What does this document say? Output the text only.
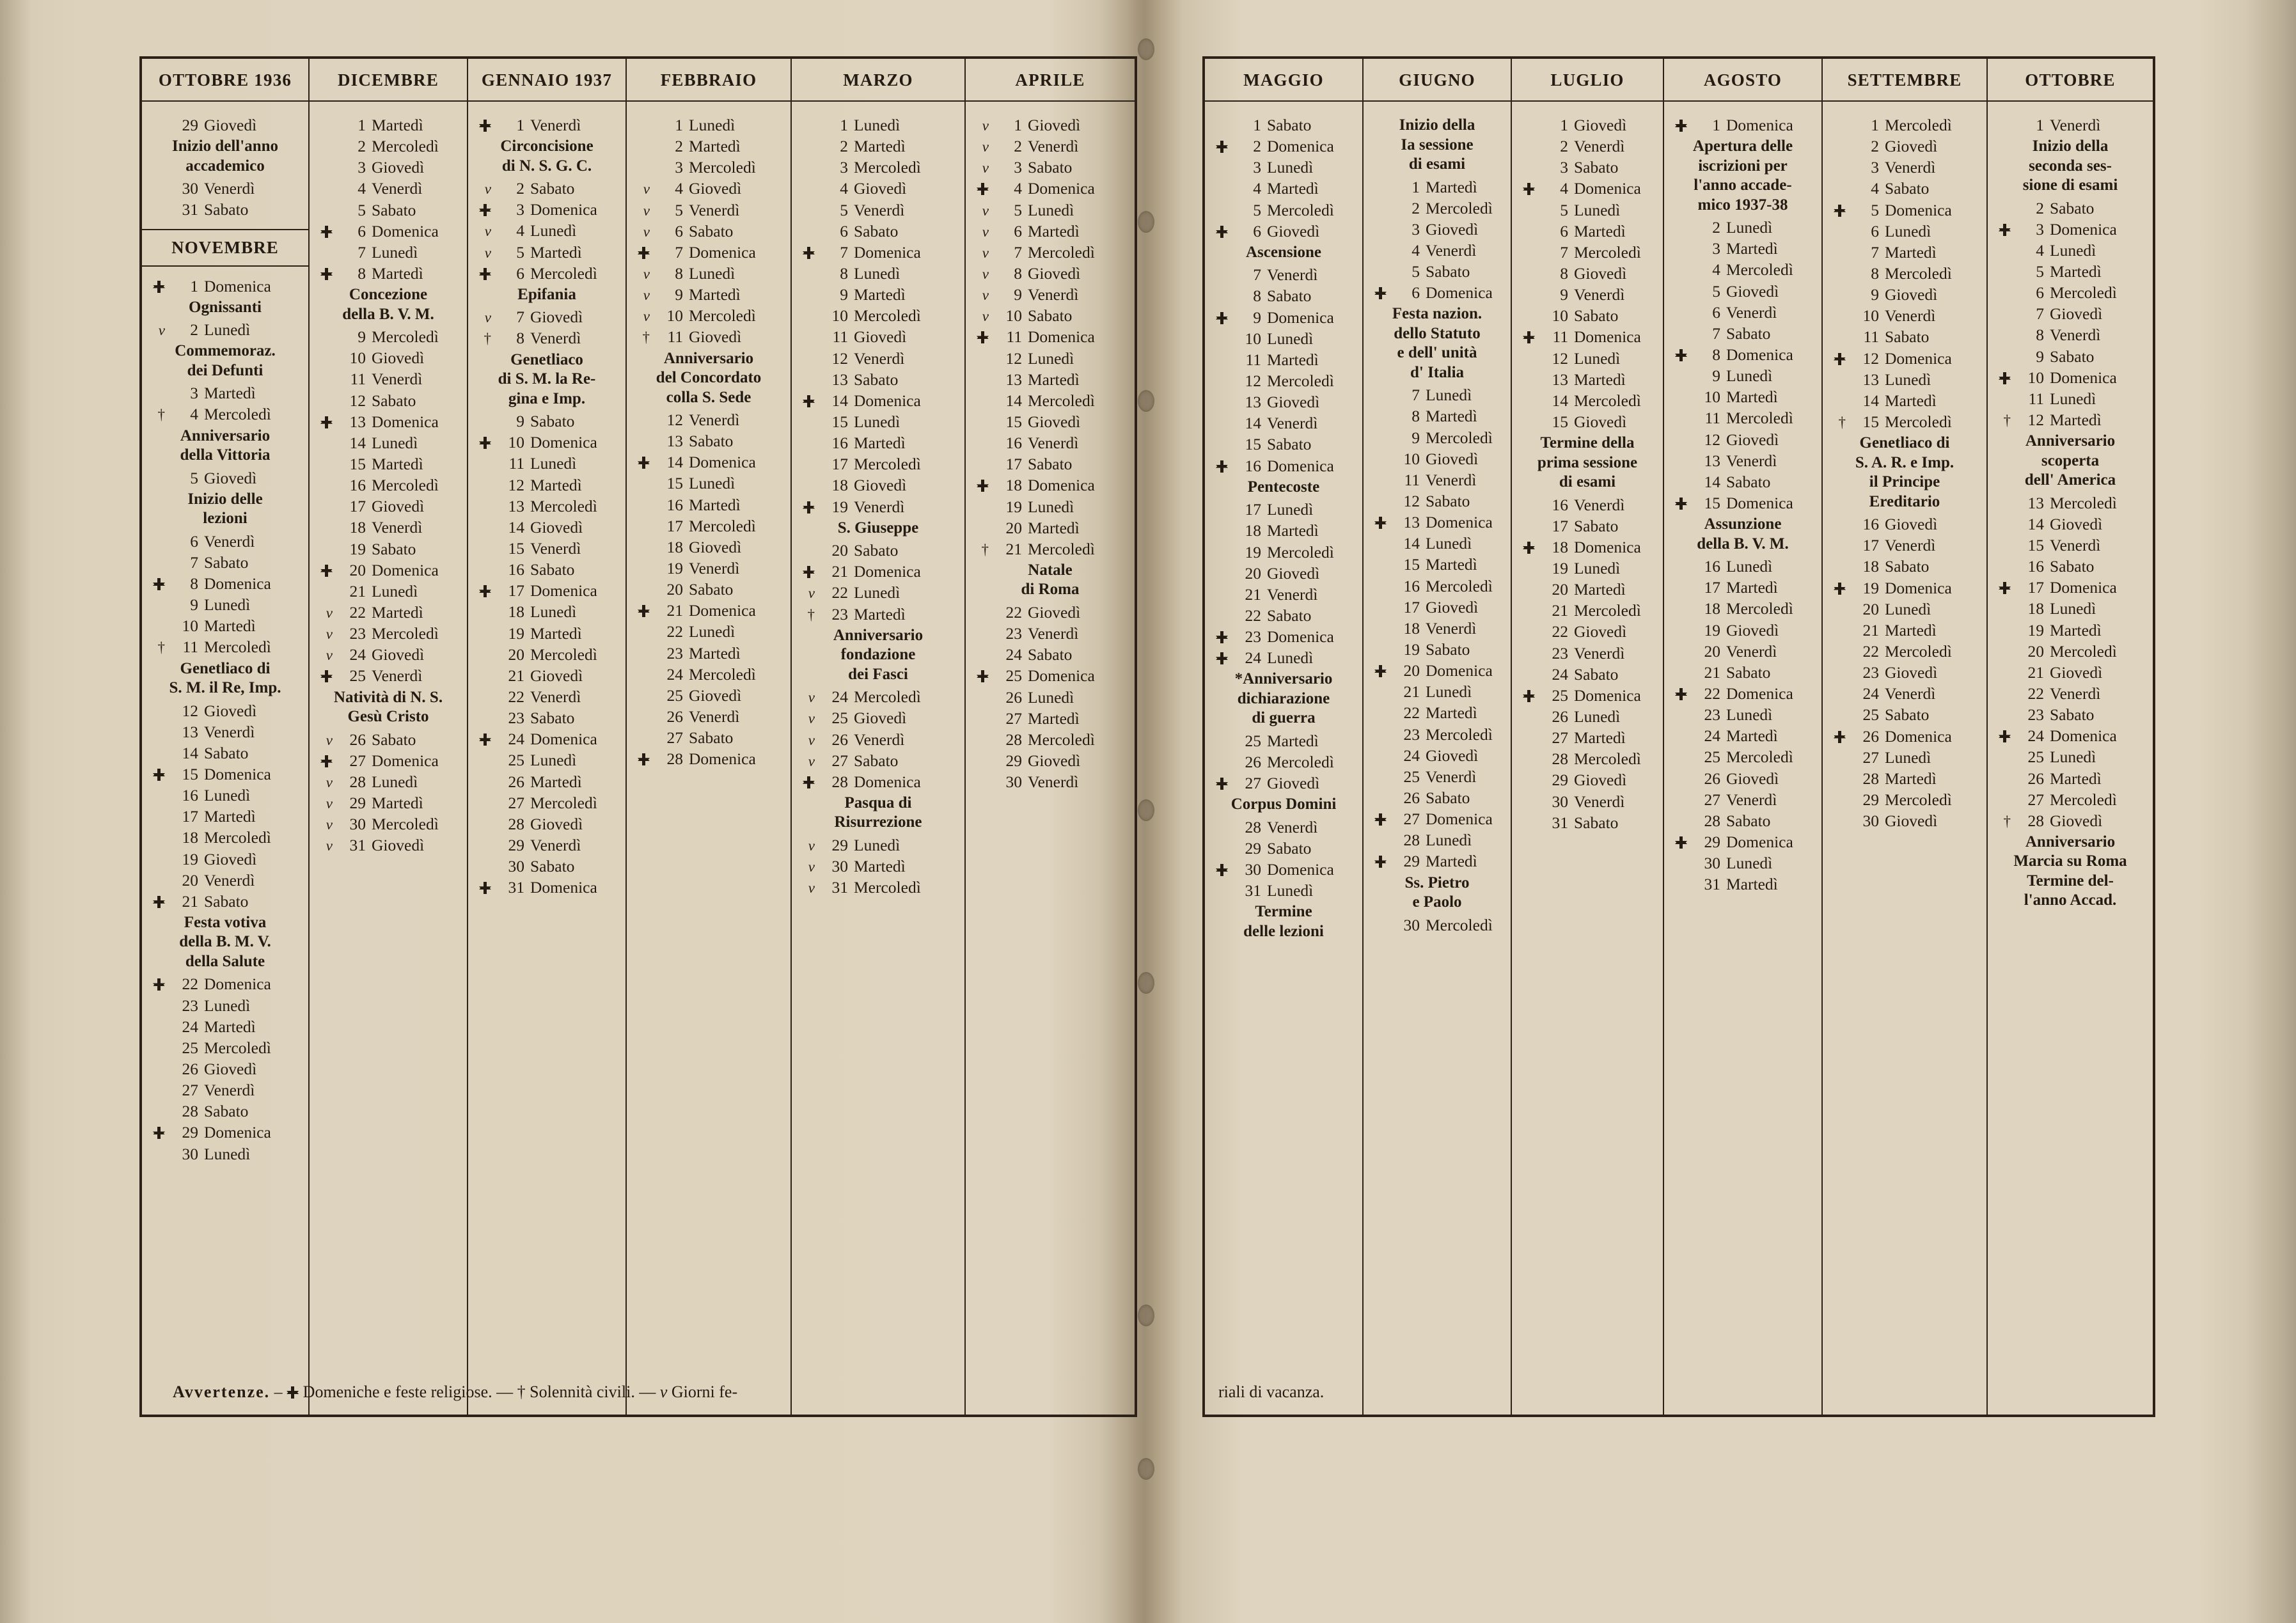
OTTOBRE 1936
29 Giovedì
Inizio dell'anno
accademico
30 Venerdì
31 Sabato
NOVEMBRE
1 Domenica
Ognissanti
v	2 Lunedì
Commemoraz.
dei Defunti
3 Martedì
†	4 Mercoledì
Anniversario
della Vittoria
5 Giovedì
Inizio delle
lezioni
6 Venerdì
7 Sabato
8 Domenica
9 Lunedì
10 Martedì
†	11 Mercoledì
Genetliaco di
S. M. il Re, Imp.
12 Giovedì
13 Venerdì
14 Sabato
15 Domenica
16 Lunedì
17 Martedì
18 Mercoledì
19 Giovedì
20 Venerdì
21 Sabato
Festa votiva
della B. M. V.
della Salute
22 Domenica
23 Lunedì
24 Martedì
25 Mercoledì
26 Giovedì
27 Venerdì
28 Sabato
29 Domenica
30 Lunedì
DICEMBRE
1 Martedì
2 Mercoledì
3 Giovedì
4 Venerdì
5 Sabato
6 Domenica
7 Lunedì
8 Martedì
Concezione
della B. V. M.
9 Mercoledì
10 Giovedì
11 Venerdì
12 Sabato
13 Domenica
14 Lunedì
15 Martedì
16 Mercoledì
17 Giovedì
18 Venerdì
19 Sabato
20 Domenica
21 Lunedì
v	22 Martedì
v	23 Mercoledì
v	24 Giovedì
25 Venerdì
Natività di N. S.
Gesù Cristo
v	26 Sabato
27 Domenica
v	28 Lunedì
v	29 Martedì
v	30 Mercoledì
v	31 Giovedì
GENNAIO 1937
1 Venerdì
Circoncisione
di N. S. G. C.
v	2 Sabato
3 Domenica
v	4 Lunedì
v	5 Martedì
6 Mercoledì
Epifania
v	7 Giovedì
†	8 Venerdì
Genetliaco
di S. M. la Re-
gina e Imp.
9 Sabato
10 Domenica
11 Lunedì
12 Martedì
13 Mercoledì
14 Giovedì
15 Venerdì
16 Sabato
17 Domenica
18 Lunedì
19 Martedì
20 Mercoledì
21 Giovedì
22 Venerdì
23 Sabato
24 Domenica
25 Lunedì
26 Martedì
27 Mercoledì
28 Giovedì
29 Venerdì
30 Sabato
31 Domenica
FEBBRAIO
1 Lunedì
2 Martedì
3 Mercoledì
v	4 Giovedì
v	5 Venerdì
v	6 Sabato
7 Domenica
v	8 Lunedì
v	9 Martedì
v	10 Mercoledì
†	11 Giovedì
Anniversario
del Concordato
colla S. Sede
12 Venerdì
13 Sabato
14 Domenica
15 Lunedì
16 Martedì
17 Mercoledì
18 Giovedì
19 Venerdì
20 Sabato
21 Domenica
22 Lunedì
23 Martedì
24 Mercoledì
25 Giovedì
26 Venerdì
27 Sabato
28 Domenica
MARZO
1 Lunedì
2 Martedì
3 Mercoledì
4 Giovedì
5 Venerdì
6 Sabato
7 Domenica
8 Lunedì
9 Martedì
10 Mercoledì
11 Giovedì
12 Venerdì
13 Sabato
14 Domenica
15 Lunedì
16 Martedì
17 Mercoledì
18 Giovedì
19 Venerdì
S. Giuseppe
20 Sabato
21 Domenica
v	22 Lunedì
†	23 Martedì
Anniversario
fondazione
dei Fasci
v	24 Mercoledì
v	25 Giovedì
v	26 Venerdì
v	27 Sabato
28 Domenica
Pasqua di
Risurrezione
v	29 Lunedì
v	30 Martedì
v	31 Mercoledì
APRILE
v	1 Giovedì
v	2 Venerdì
v	3 Sabato
4 Domenica
v	5 Lunedì
v	6 Martedì
v	7 Mercoledì
v	8 Giovedì
v	9 Venerdì
v	10 Sabato
11 Domenica
12 Lunedì
13 Martedì
14 Mercoledì
15 Giovedì
16 Venerdì
17 Sabato
18 Domenica
19 Lunedì
20 Martedì
†	21 Mercoledì
Natale
di Roma
22 Giovedì
23 Venerdì
24 Sabato
25 Domenica
26 Lunedì
27 Martedì
28 Mercoledì
29 Giovedì
30 Venerdì
MAGGIO
1 Sabato
2 Domenica
3 Lunedì
4 Martedì
5 Mercoledì
6 Giovedì
Ascensione
7 Venerdì
8 Sabato
9 Domenica
10 Lunedì
11 Martedì
12 Mercoledì
13 Giovedì
14 Venerdì
15 Sabato
16 Domenica
Pentecoste
17 Lunedì
18 Martedì
19 Mercoledì
20 Giovedì
21 Venerdì
22 Sabato
23 Domenica
24 Lunedì
*Anniversario
dichiarazione
di guerra
25 Martedì
26 Mercoledì
27 Giovedì
Corpus Domini
28 Venerdì
29 Sabato
30 Domenica
31 Lunedì
Termine
delle lezioni
GIUGNO
Inizio della
Ia sessione
di esami
1 Martedì
2 Mercoledì
3 Giovedì
4 Venerdì
5 Sabato
6 Domenica
Festa nazion.
dello Statuto
e dell' unità
d' Italia
7 Lunedì
8 Martedì
9 Mercoledì
10 Giovedì
11 Venerdì
12 Sabato
13 Domenica
14 Lunedì
15 Martedì
16 Mercoledì
17 Giovedì
18 Venerdì
19 Sabato
20 Domenica
21 Lunedì
22 Martedì
23 Mercoledì
24 Giovedì
25 Venerdì
26 Sabato
27 Domenica
28 Lunedì
29 Martedì
Ss. Pietro
e Paolo
30 Mercoledì
LUGLIO
1 Giovedì
2 Venerdì
3 Sabato
4 Domenica
5 Lunedì
6 Martedì
7 Mercoledì
8 Giovedì
9 Venerdì
10 Sabato
11 Domenica
12 Lunedì
13 Martedì
14 Mercoledì
15 Giovedì
Termine della
prima sessione
di esami
16 Venerdì
17 Sabato
18 Domenica
19 Lunedì
20 Martedì
21 Mercoledì
22 Giovedì
23 Venerdì
24 Sabato
25 Domenica
26 Lunedì
27 Martedì
28 Mercoledì
29 Giovedì
30 Venerdì
31 Sabato
AGOSTO
1 Domenica
Apertura delle
iscrizioni per
l'anno accade-
mico 1937-38
2 Lunedì
3 Martedì
4 Mercoledì
5 Giovedì
6 Venerdì
7 Sabato
8 Domenica
9 Lunedì
10 Martedì
11 Mercoledì
12 Giovedì
13 Venerdì
14 Sabato
15 Domenica
Assunzione
della B. V. M.
16 Lunedì
17 Martedì
18 Mercoledì
19 Giovedì
20 Venerdì
21 Sabato
22 Domenica
23 Lunedì
24 Martedì
25 Mercoledì
26 Giovedì
27 Venerdì
28 Sabato
29 Domenica
30 Lunedì
31 Martedì
SETTEMBRE
1 Mercoledì
2 Giovedì
3 Venerdì
4 Sabato
5 Domenica
6 Lunedì
7 Martedì
8 Mercoledì
9 Giovedì
10 Venerdì
11 Sabato
12 Domenica
13 Lunedì
14 Martedì
†	15 Mercoledì
Genetliaco di
S. A. R. e Imp.
il Principe
Ereditario
16 Giovedì
17 Venerdì
18 Sabato
19 Domenica
20 Lunedì
21 Martedì
22 Mercoledì
23 Giovedì
24 Venerdì
25 Sabato
26 Domenica
27 Lunedì
28 Martedì
29 Mercoledì
30 Giovedì
OTTOBRE
1 Venerdì
Inizio della
seconda ses-
sione di esami
2 Sabato
3 Domenica
4 Lunedì
5 Martedì
6 Mercoledì
7 Giovedì
8 Venerdì
9 Sabato
10 Domenica
11 Lunedì
†	12 Martedì
Anniversario
scoperta
dell' America
13 Mercoledì
14 Giovedì
15 Venerdì
16 Sabato
17 Domenica
18 Lunedì
19 Martedì
20 Mercoledì
21 Giovedì
22 Venerdì
23 Sabato
24 Domenica
25 Lunedì
26 Martedì
27 Mercoledì
†	28 Giovedì
Anniversario
Marcia su Roma
Termine del-
l'anno Accad.
Avvertenze. – Domeniche e feste religiose. — † Solennità civili. — v Giorni fe-	riali di vacanza.
